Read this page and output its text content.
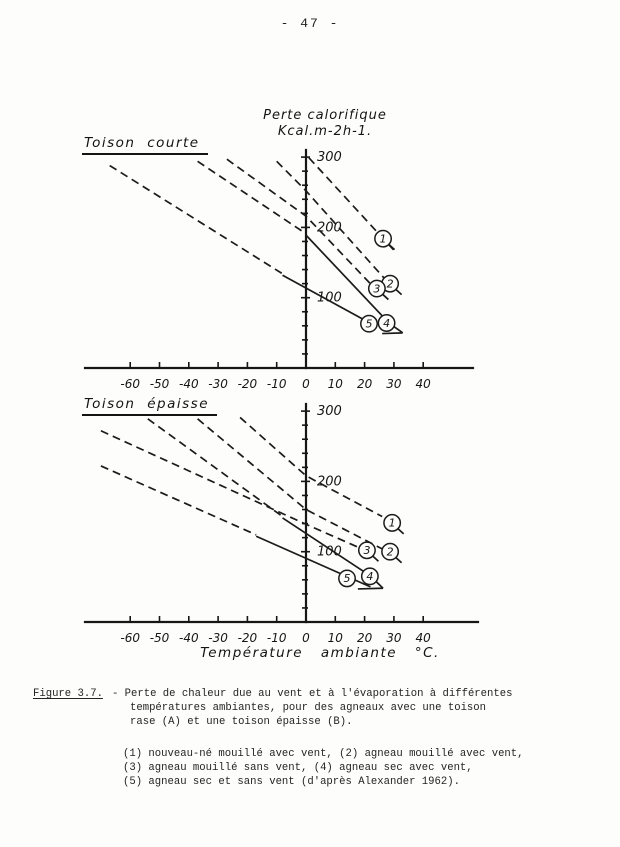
- 47 -
Perte calorifique
Kcal.m-2h-1.
Toison courte
Toison épaisse
-60 -50 -40 -30 -20 -10 0 10 20 30 40
100
200
300
1
2
3
4
5
-60 -50 -40 -30 -20 -10 0 10 20 30 40
100
200
300
1
2
3
4
5
Température ambiante °C.
Figure 3.7. - Perte de chaleur due au vent et à l'évaporation à différentes
températures ambiantes, pour des agneaux avec une toison
rase (A) et une toison épaisse (B).
(1) nouveau-né mouillé avec vent, (2) agneau mouillé avec vent,
(3) agneau mouillé sans vent, (4) agneau sec avec vent,
(5) agneau sec et sans vent (d'après Alexander 1962).
